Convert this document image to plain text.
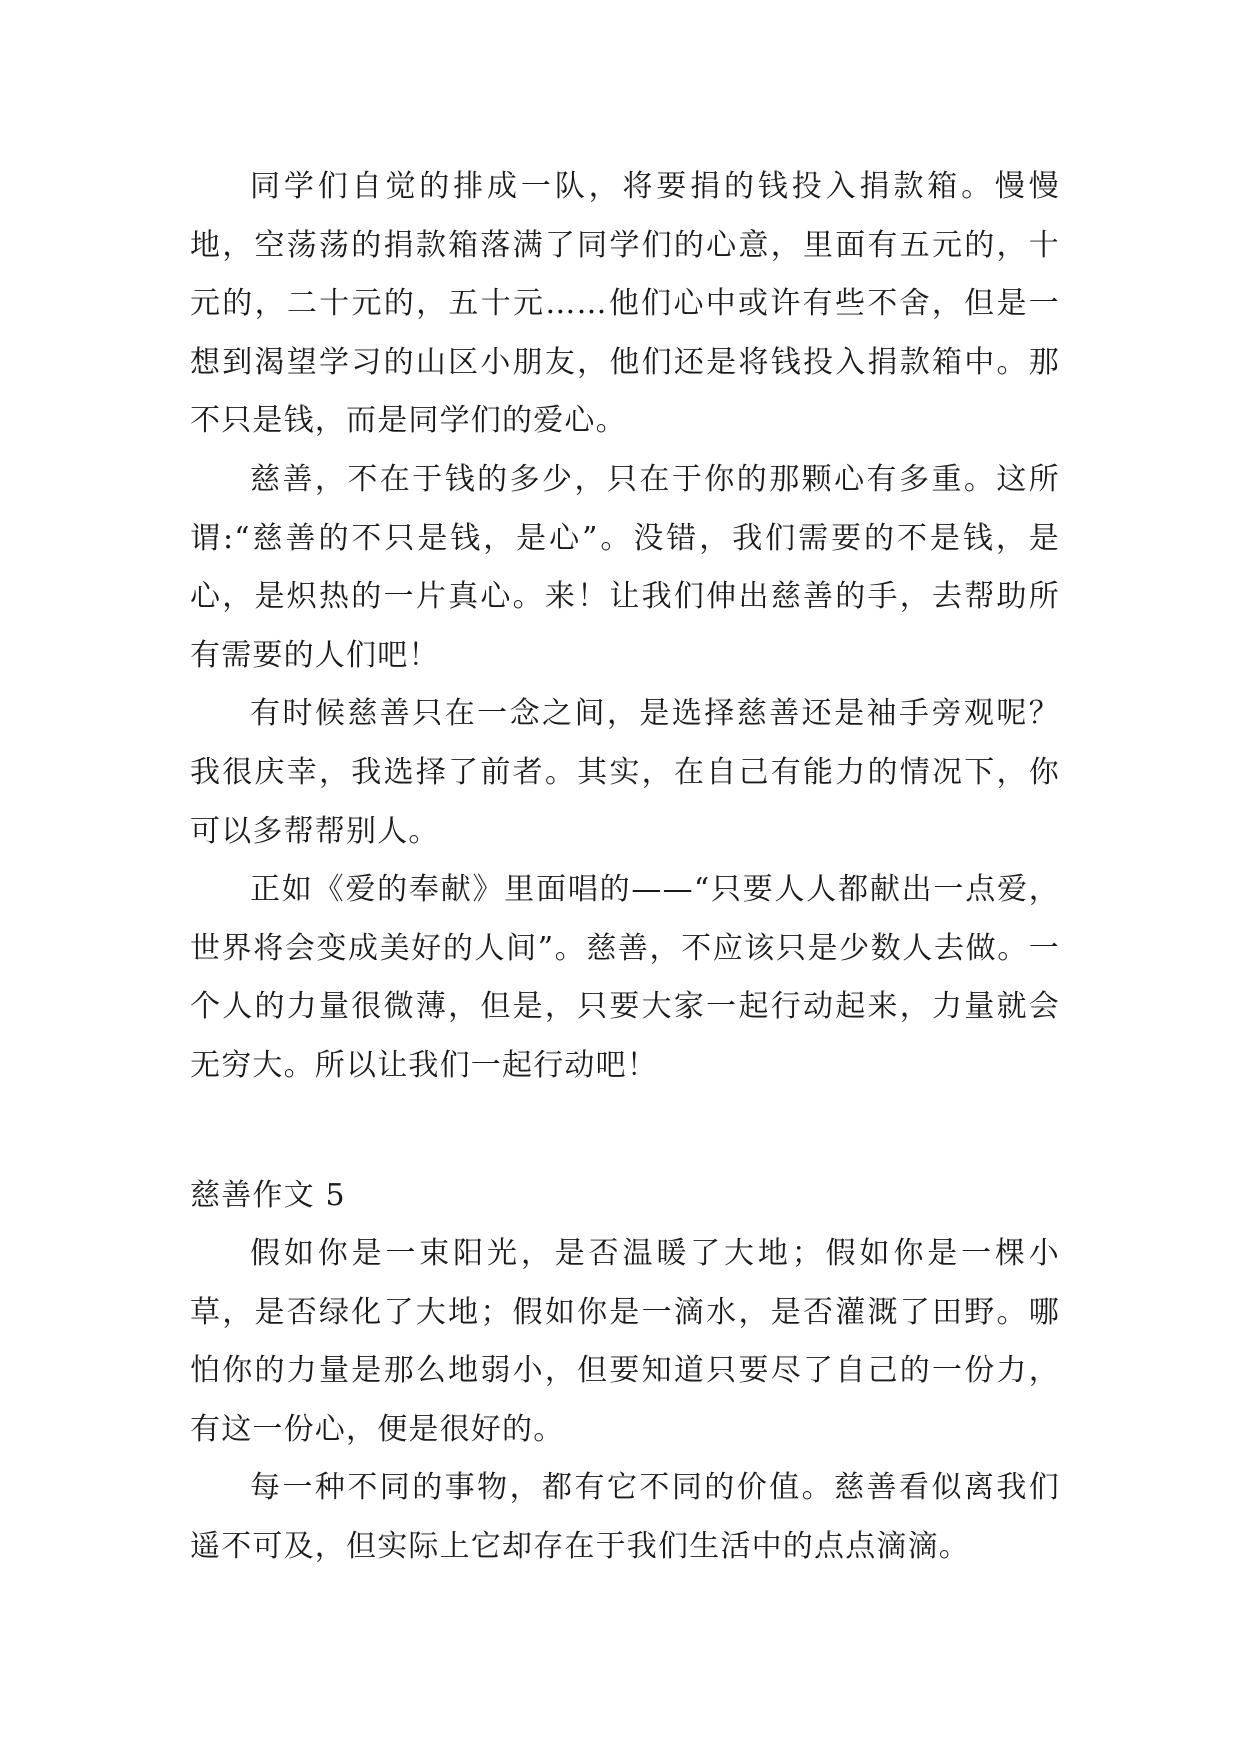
同学们自觉的排成一队，将要捐的钱投入捐款箱。慢慢地，空荡荡的捐款箱落满了同学们的心意，里面有五元的，十元的，二十元的，五十元……他们心中或许有些不舍，但是一想到渴望学习的山区小朋友，他们还是将钱投入捐款箱中。那不只是钱，而是同学们的爱心。

慈善，不在于钱的多少，只在于你的那颗心有多重。这所谓:“慈善的不只是钱，是心”。没错，我们需要的不是钱，是心，是炽热的一片真心。来！让我们伸出慈善的手，去帮助所有需要的人们吧！

有时候慈善只在一念之间，是选择慈善还是袖手旁观呢？我很庆幸，我选择了前者。其实，在自己有能力的情况下，你可以多帮帮别人。

正如《爱的奉献》里面唱的——“只要人人都献出一点爱，世界将会变成美好的人间”。慈善，不应该只是少数人去做。一个人的力量很微薄，但是，只要大家一起行动起来，力量就会无穷大。所以让我们一起行动吧！

慈善作文 5

假如你是一束阳光，是否温暖了大地；假如你是一棵小草，是否绿化了大地；假如你是一滴水，是否灌溉了田野。哪怕你的力量是那么地弱小，但要知道只要尽了自己的一份力，有这一份心，便是很好的。

每一种不同的事物，都有它不同的价值。慈善看似离我们遥不可及，但实际上它却存在于我们生活中的点点滴滴。
